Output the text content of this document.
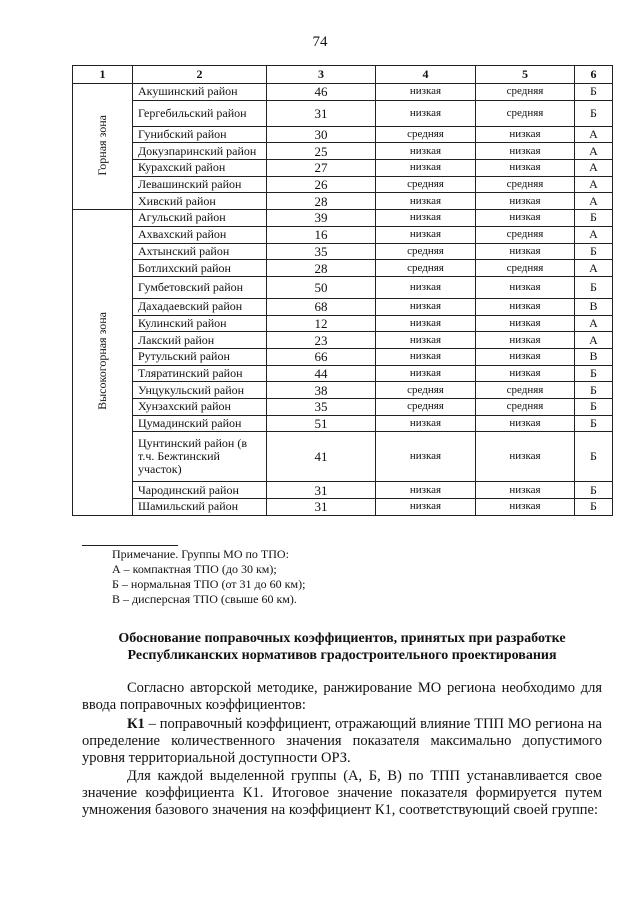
74
1	2	3	4	5	6
Горная зона	Акушинский район	46	низкая	средняя	Б
	Гергебильский район	31	низкая	средняя	Б
	Гунибский район	30	средняя	низкая	А
	Докузпаринский район	25	низкая	низкая	А
	Курахский район	27	низкая	низкая	А
	Левашинский район	26	средняя	средняя	А
	Хивский район	28	низкая	низкая	А
Высокогорная зона	Агульский район	39	низкая	низкая	Б
	Ахвахский район	16	низкая	средняя	А
	Ахтынский район	35	средняя	низкая	Б
	Ботлихский район	28	средняя	средняя	А
	Гумбетовский район	50	низкая	низкая	Б
	Дахадаевский район	68	низкая	низкая	В
	Кулинский район	12	низкая	низкая	А
	Лакский район	23	низкая	низкая	А
	Рутульский район	66	низкая	низкая	В
	Тляратинский район	44	низкая	низкая	Б
	Унцукульский район	38	средняя	средняя	Б
	Хунзахский район	35	средняя	средняя	Б
	Цумадинский район	51	низкая	низкая	Б
	Цунтинский район (в т.ч. Бежтинский участок)	41	низкая	низкая	Б
	Чародинский район	31	низкая	низкая	Б
	Шамильский район	31	низкая	низкая	Б
Примечание. Группы МО по ТПО:
А – компактная ТПО (до 30 км);
Б – нормальная ТПО (от 31 до 60 км);
В – дисперсная ТПО (свыше 60 км).
Обоснование поправочных коэффициентов, принятых при разработке Республиканских нормативов градостроительного проектирования
Согласно авторской методике, ранжирование МО региона необходимо для ввода поправочных коэффициентов:
К1 – поправочный коэффициент, отражающий влияние ТПП МО региона на определение количественного значения показателя максимально допустимого уровня территориальной доступности ОРЗ.
Для каждой выделенной группы (А, Б, В) по ТПП устанавливается свое значение коэффициента К1. Итоговое значение показателя формируется путем умножения базового значения на коэффициент К1, соответствующий своей группе:
